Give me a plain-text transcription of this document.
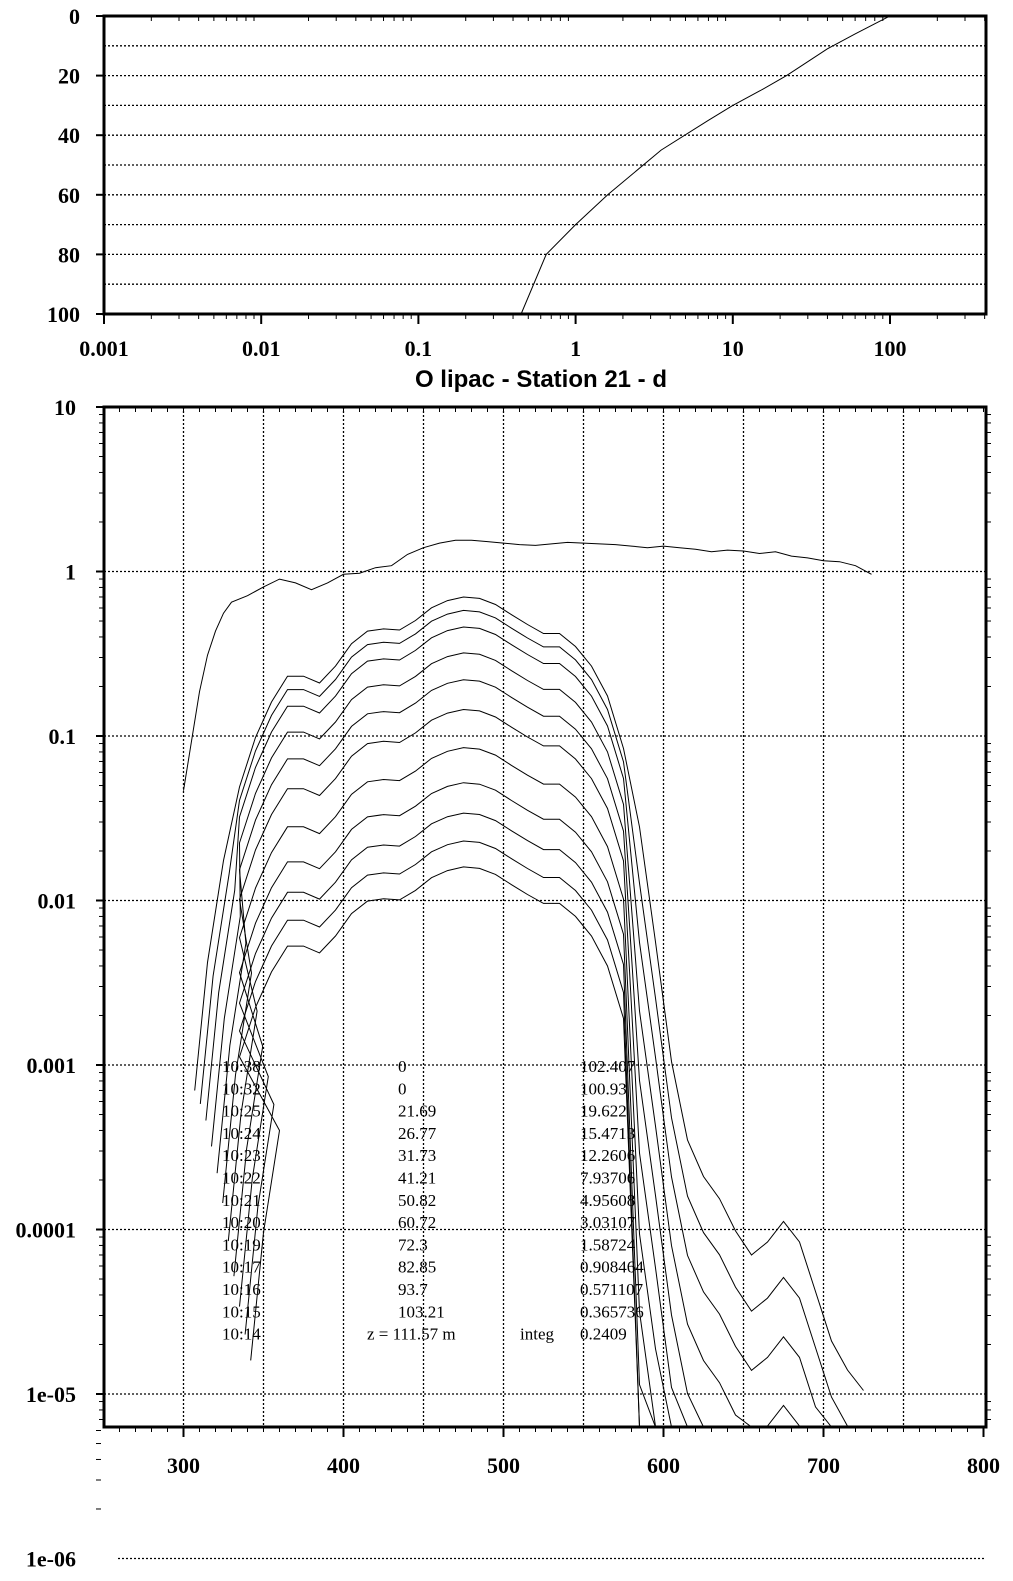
0
20
40
60
80
100
0.001	0.01	0.1	1	10	100
O lipac - Station 21 - d
1e-06
1e-05
0.0001
0.001
0.01
0.1
1
10
300	400	500	600	700	800
10:38	0	102.407
10:32	0	100.93
10:25	21.69	19.622
10:24	26.77	15.4713
10:23	31.73	12.2606
10:22	41.21	7.93706
10:21	50.82	4.95608
10:20	60.72	3.03107
10:19	72.3	1.58724
10:17	82.85	0.908464
10:16	93.7	0.571107
10:15	103.21	0.365736
10:14	z = 111.57 m	integ 0.2409
